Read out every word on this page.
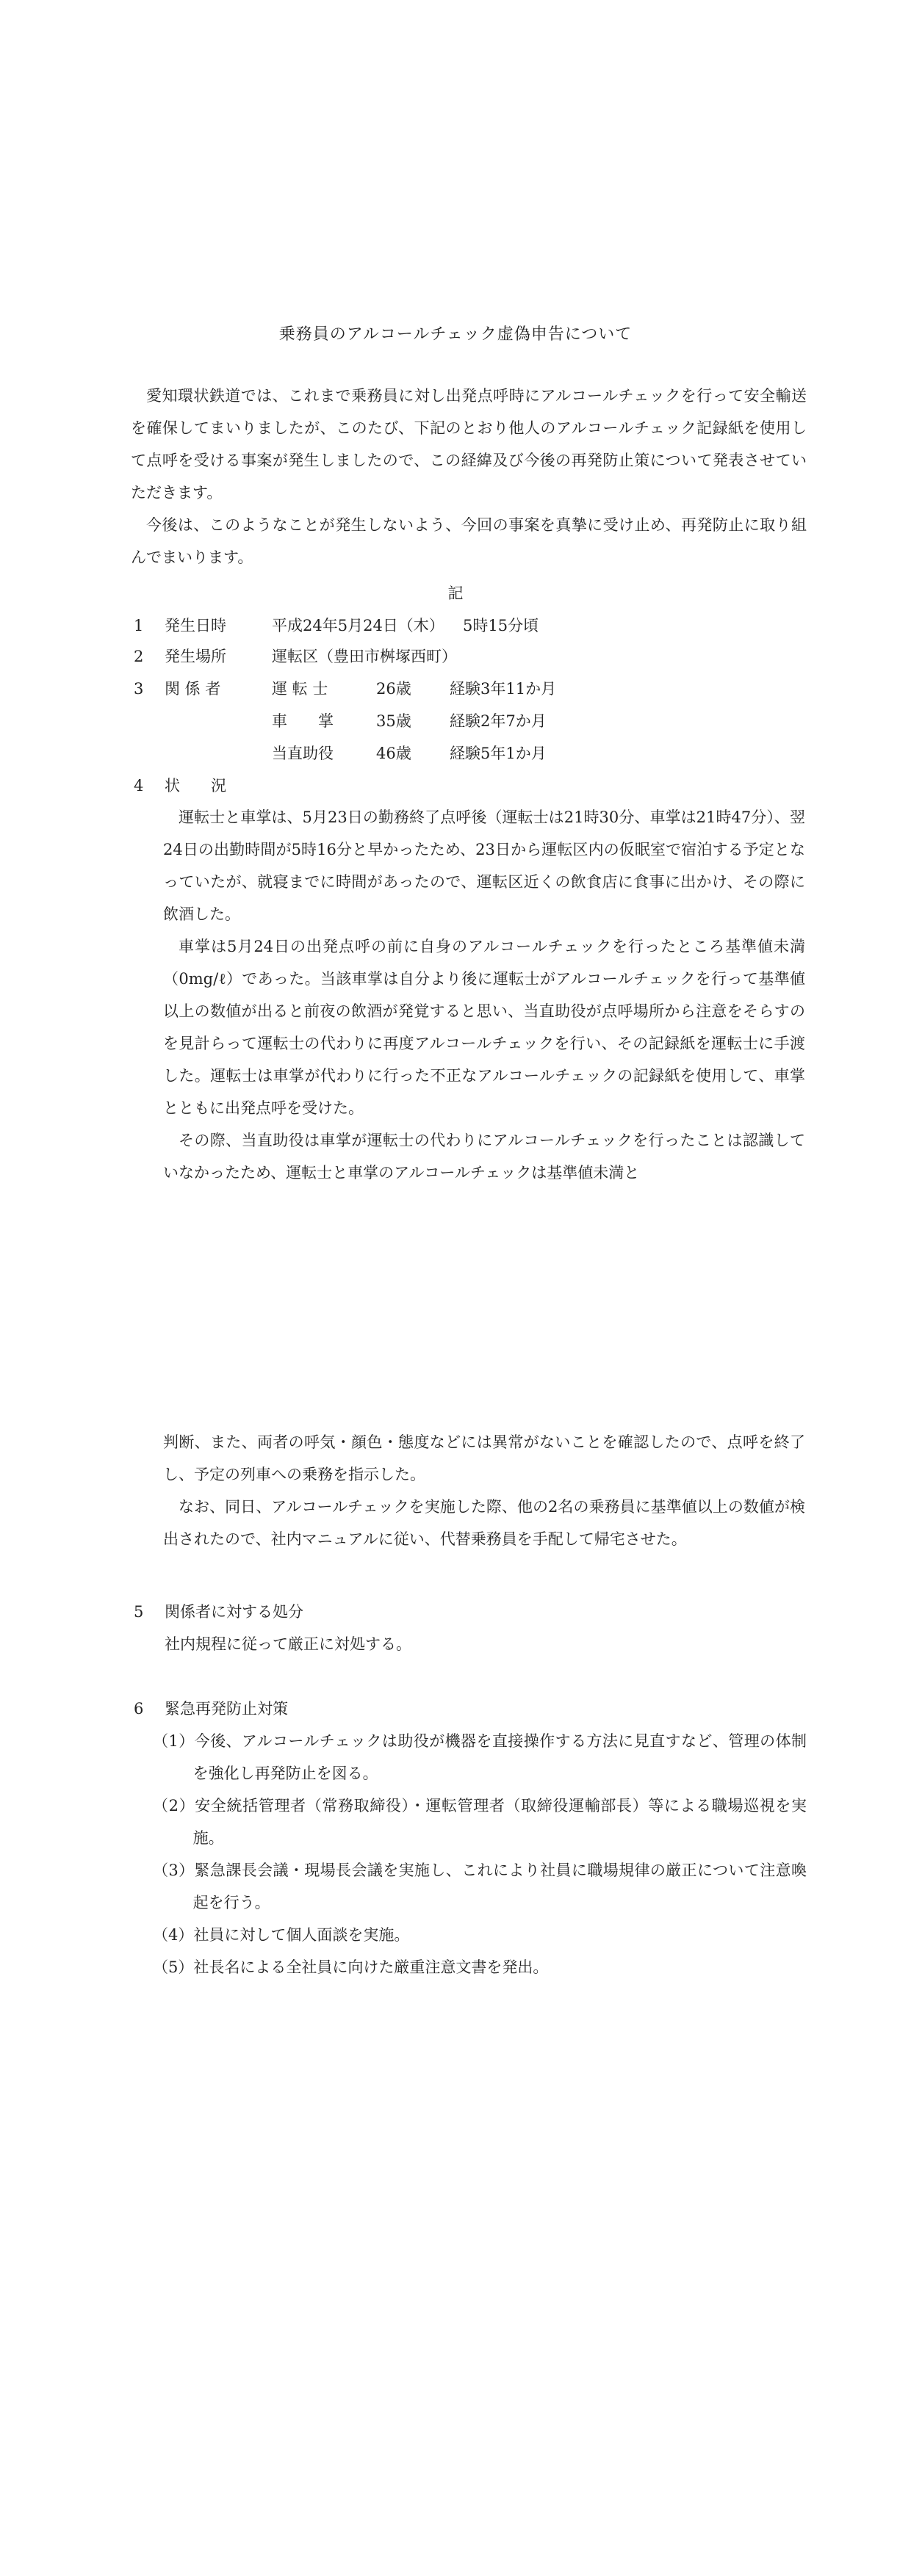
乗務員のアルコールチェック虚偽申告について

愛知環状鉄道では、これまで乗務員に対し出発点呼時にアルコールチェックを行って安全輸送を確保してまいりましたが、このたび、下記のとおり他人のアルコールチェック記録紙を使用して点呼を受ける事案が発生しましたので、この経緯及び今後の再発防止策について発表させていただきます。

今後は、このようなことが発生しないよう、今回の事案を真摯に受け止め、再発防止に取り組んでまいります。

記
1 発生日時	平成24年5月24日（木） 5時15分頃
2 発生場所	運転区（豊田市桝塚西町）
3 関 係 者	運 転 士	26歳 経験3年11か月
車　　掌	35歳 経験2年7か月
当直助役	46歳 経験5年1か月
4 状　　況

運転士と車掌は、5月23日の勤務終了点呼後（運転士は21時30分、車掌は21時47分）、翌24日の出勤時間が5時16分と早かったため、23日から運転区内の仮眠室で宿泊する予定となっていたが、就寝までに時間があったので、運転区近くの飲食店に食事に出かけ、その際に飲酒した。

車掌は5月24日の出発点呼の前に自身のアルコールチェックを行ったところ基準値未満（0mg/ℓ）であった。当該車掌は自分より後に運転士がアルコールチェックを行って基準値以上の数値が出ると前夜の飲酒が発覚すると思い、当直助役が点呼場所から注意をそらすのを見計らって運転士の代わりに再度アルコールチェックを行い、その記録紙を運転士に手渡した。運転士は車掌が代わりに行った不正なアルコールチェックの記録紙を使用して、車掌とともに出発点呼を受けた。

その際、当直助役は車掌が運転士の代わりにアルコールチェックを行ったことは認識していなかったため、運転士と車掌のアルコールチェックは基準値未満と

判断、また、両者の呼気・顔色・態度などには異常がないことを確認したので、点呼を終了し、予定の列車への乗務を指示した。

なお、同日、アルコールチェックを実施した際、他の2名の乗務員に基準値以上の数値が検出されたので、社内マニュアルに従い、代替乗務員を手配して帰宅させた。

5 関係者に対する処分
社内規程に従って厳正に対処する。
6 緊急再発防止対策
（1）今後、アルコールチェックは助役が機器を直接操作する方法に見直すなど、管理の体制を強化し再発防止を図る。
（2）安全統括管理者（常務取締役）・運転管理者（取締役運輸部長）等による職場巡視を実施。
（3）緊急課長会議・現場長会議を実施し、これにより社員に職場規律の厳正について注意喚起を行う。
（4）社員に対して個人面談を実施。
（5）社長名による全社員に向けた厳重注意文書を発出。
